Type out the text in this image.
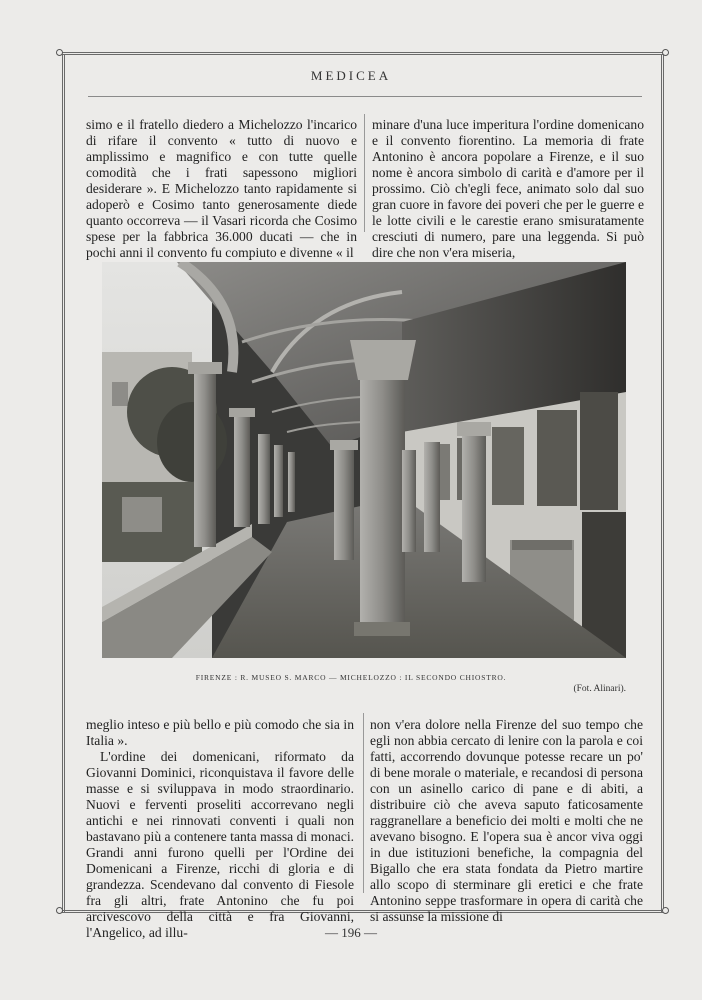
MEDICEA

simo e il fratello diedero a Michelozzo l'incarico di rifare il convento « tutto di nuovo e amplissimo e magnifico e con tutte quelle comodità che i frati sapessono migliori desiderare ». E Michelozzo tanto rapidamente si adoperò e Cosimo tanto generosamente diede quanto occorreva — il Vasari ricorda che Cosimo spese per la fabbrica 36.000 ducati — che in pochi anni il convento fu compiuto e divenne « il

minare d'una luce imperitura l'ordine domenicano e il convento fiorentino. La memoria di frate Antonino è ancora popolare a Firenze, e il suo nome è ancora simbolo di carità e d'amore per il prossimo. Ciò ch'egli fece, animato solo dal suo gran cuore in favore dei poveri che per le guerre e le lotte civili e le carestie erano smisuratamente cresciuti di numero, pare una leggenda. Si può dire che non v'era miseria,

FIRENZE : R. MUSEO S. MARCO — MICHELOZZO : IL SECONDO CHIOSTRO.
(Fot. Alinari).

meglio inteso e più bello e più comodo che sia in Italia ».

L'ordine dei domenicani, riformato da Giovanni Dominici, riconquistava il favore delle masse e si sviluppava in modo straordinario. Nuovi e ferventi proseliti accorrevano negli antichi e nei rinnovati conventi i quali non bastavano più a contenere tanta massa di monaci. Grandi anni furono quelli per l'Ordine dei Domenicani a Firenze, ricchi di gloria e di grandezza. Scendevano dal convento di Fiesole fra gli altri, frate Antonino che fu poi arcivescovo della città e fra Giovanni, l'Angelico, ad illu-

non v'era dolore nella Firenze del suo tempo che egli non abbia cercato di lenire con la parola e coi fatti, accorrendo dovunque potesse recare un po' di bene morale o materiale, e recandosi di persona con un asinello carico di pane e di abiti, a distribuire ciò che aveva saputo faticosamente raggranellare a beneficio dei molti e molti che ne avevano bisogno. E l'opera sua è ancor viva oggi in due istituzioni benefiche, la compagnia del Bigallo che era stata fondata da Pietro martire allo scopo di sterminare gli eretici e che frate Antonino seppe trasformare in opera di carità che si assunse la missione di

— 196 —
